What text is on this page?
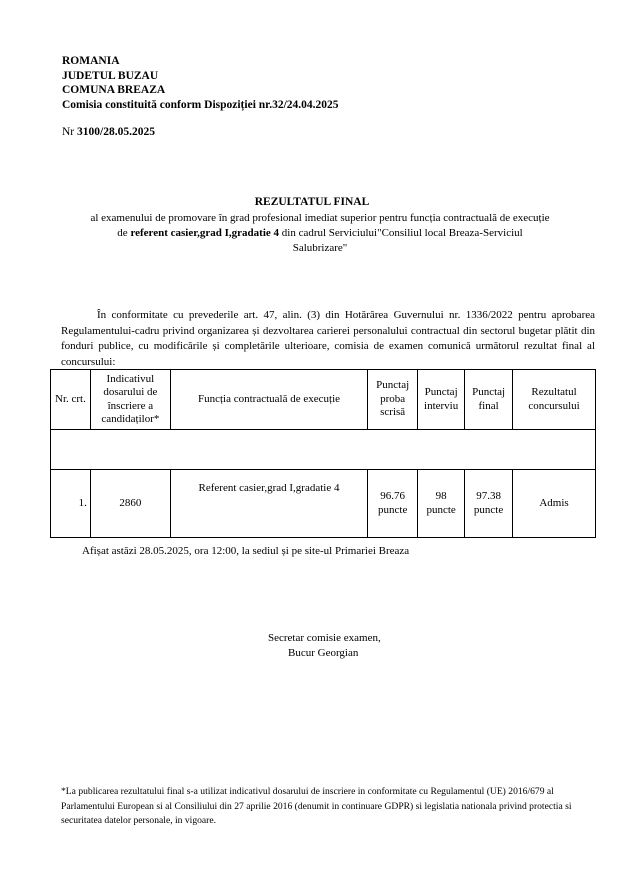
ROMANIA
JUDETUL BUZAU
COMUNA BREAZA
Comisia constituită conform Dispoziției nr.32/24.04.2025
Nr 3100/28.05.2025
REZULTATUL FINAL
al examenului de promovare în grad profesional imediat superior pentru funcția contractuală de execuție de referent casier,grad I,gradatie 4 din cadrul Serviciului"Consiliul local Breaza-Serviciul Salubrizare"
În conformitate cu prevederile art. 47, alin. (3) din Hotărârea Guvernului nr. 1336/2022 pentru aprobarea Regulamentului-cadru privind organizarea și dezvoltarea carierei personalului contractual din sectorul bugetar plătit din fonduri publice, cu modificările și completările ulterioare, comisia de examen comunică următorul rezultat final al concursului:
Nr. crt.	Indicativul dosarului de înscriere a candidaților*	Funcția contractuală de execuție	Punctaj proba scrisă	Punctaj interviu	Punctaj final	Rezultatul concursului

1.	2860	Referent casier,grad I,gradatie 4	96.76 puncte	98 puncte	97.38 puncte	Admis
Afișat astăzi 28.05.2025, ora 12:00, la sediul și pe site-ul Primariei Breaza
Secretar comisie examen,
Bucur Georgian
*La publicarea rezultatului final s-a utilizat indicativul dosarului de inscriere in conformitate cu Regulamentul (UE) 2016/679 al Parlamentului European si al Consiliului din 27 aprilie 2016 (denumit in continuare GDPR) si legislatia nationala privind protectia si securitatea datelor personale, in vigoare.
